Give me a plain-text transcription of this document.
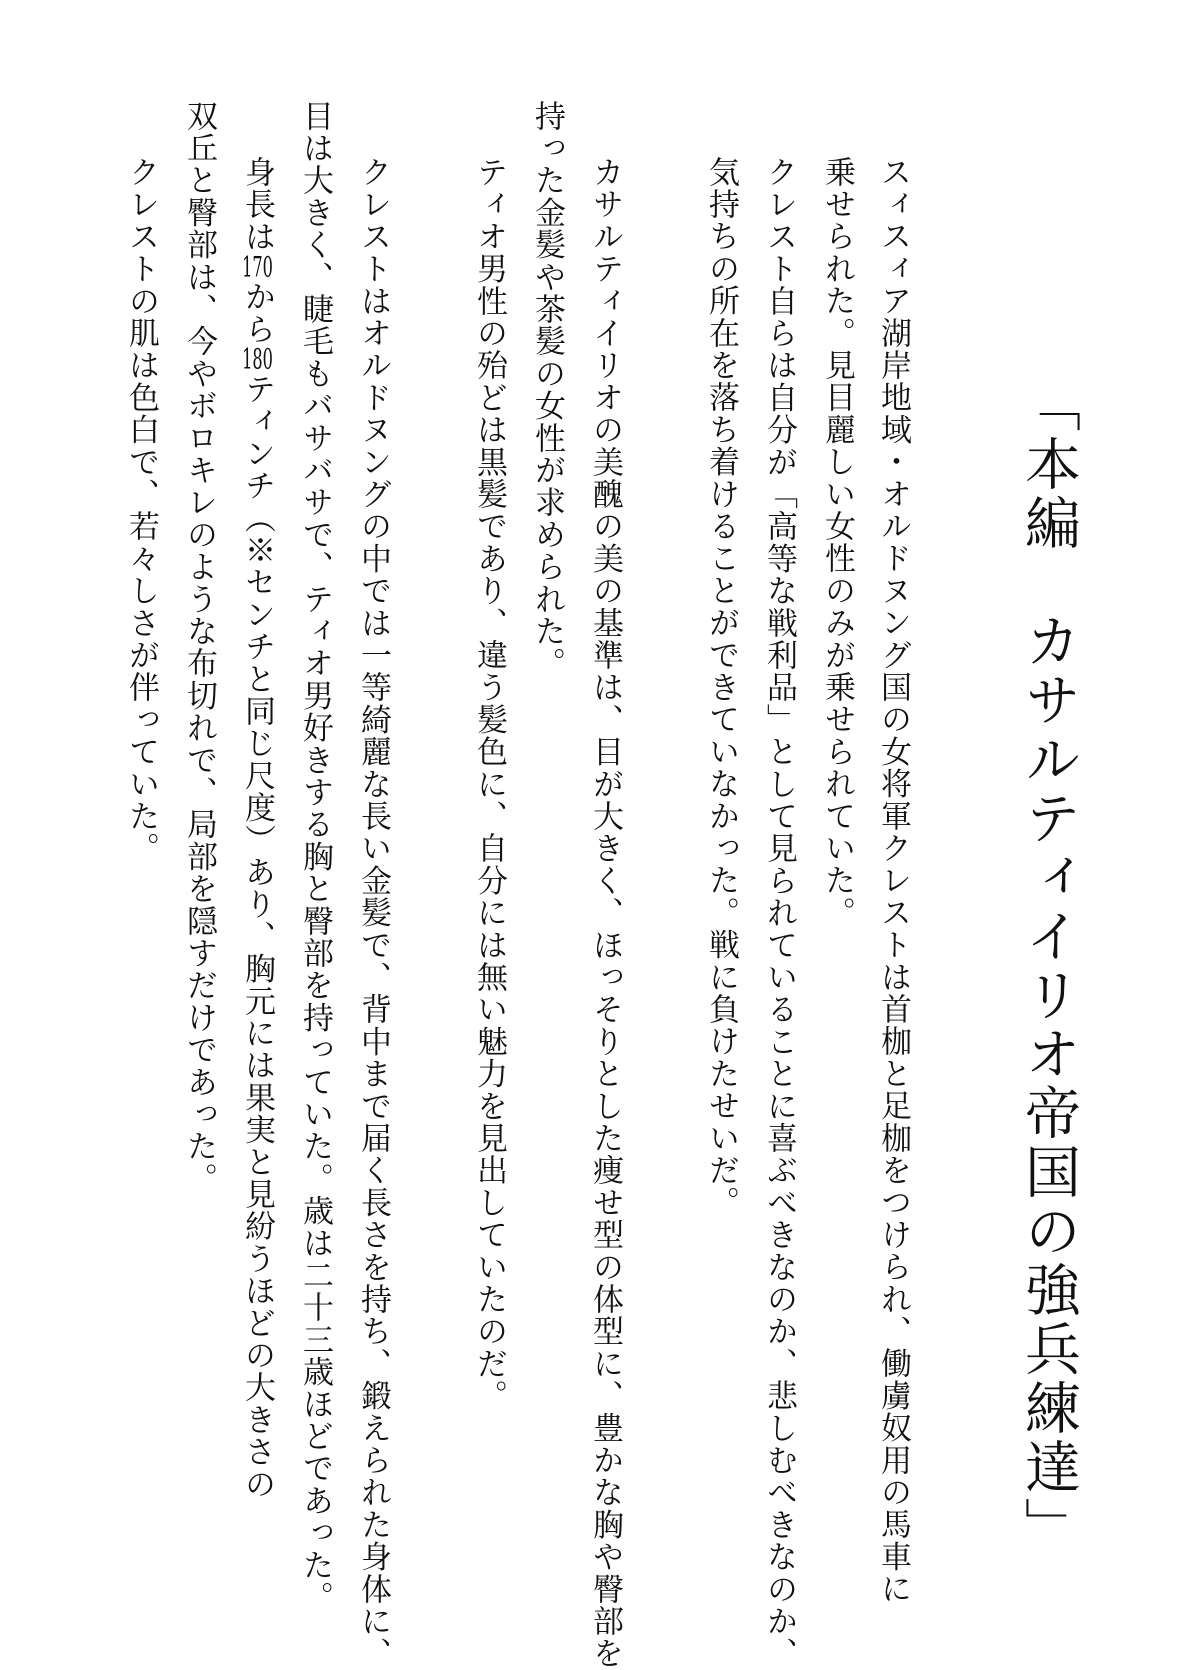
「本編　カサルティイリオ帝国の強兵練達」
スィスィア湖岸地域・オルドヌング国の女将軍クレストは首枷と足枷をつけられ、働虜奴用の馬車に
乗せられた。見目麗しい女性のみが乗せられていた。
　クレスト自らは自分が「高等な戦利品」として見られていることに喜ぶべきなのか、悲しむべきなのか、
気持ちの所在を落ち着けることができていなかった。戦に負けたせいだ。
　カサルティイリオの美醜の美の基準は、目が大きく、ほっそりとした痩せ型の体型に、豊かな胸や臀部を
持った金髪や茶髪の女性が求められた。
　ティオ男性の殆どは黒髪であり、違う髪色に、自分には無い魅力を見出していたのだ。
　クレストはオルドヌングの中では一等綺麗な長い金髪で、背中まで届く長さを持ち、鍛えられた身体に、
目は大きく、睫毛もバサバサで、ティオ男好きする胸と臀部を持っていた。歳は二十三歳ほどであった。
　身長は170から180ティンチ（※センチと同じ尺度）あり、胸元には果実と見紛うほどの大きさの
双丘と臀部は、今やボロキレのような布切れで、局部を隠すだけであった。
　クレストの肌は色白で、若々しさが伴っていた。
